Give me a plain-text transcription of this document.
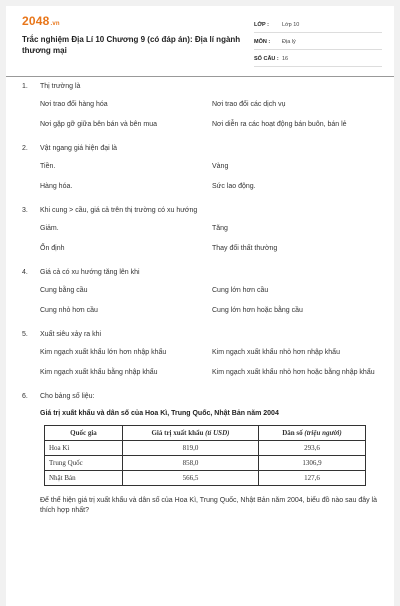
2048.vn
Trắc nghiệm Địa Lí 10 Chương 9 (có đáp án): Địa lí ngành thương mại
LỚP :	Lớp 10
MÔN :	Địa lý
SỐ CÂU : 16
1. Thị trường là
Nơi trao đổi hàng hóa	Nơi trao đổi các dịch vụ
Nơi gặp gỡ giữa bên bán và bên mua	Nơi diễn ra các hoạt động bán buôn, bán lẻ
2. Vật ngang giá hiện đại là
Tiền.	Vàng
Hàng hóa.	Sức lao động.
3. Khi cung > cầu, giá cả trên thị trường có xu hướng
Giảm.	Tăng
Ổn định	Thay đổi thất thường
4. Giá cả có xu hướng tăng lên khi
Cung bằng cầu	Cung lớn hơn cầu
Cung nhỏ hơn cầu	Cung lớn hơn hoặc bằng cầu
5. Xuất siêu xảy ra khi
Kim ngạch xuất khẩu lớn hơn nhập khẩu	Kim ngạch xuất khẩu nhỏ hơn nhập khẩu
Kim ngạch xuất khẩu bằng nhập khẩu	Kim ngạch xuất khẩu nhỏ hơn hoặc bằng nhập khẩu
6. Cho bảng số liệu:
Giá trị xuất khẩu và dân số của Hoa Kì, Trung Quốc, Nhật Bản năm 2004
Quốc gia	Giá trị xuất khẩu (tỉ USD)	Dân số (triệu người)
Hoa Kì	819,0	293,6
Trung Quốc	858,0	1306,9
Nhật Bản	566,5	127,6
Để thể hiện giá trị xuất khẩu và dân số của Hoa Kì, Trung Quốc, Nhật Bản năm 2004, biểu đồ nào sau đây là thích hợp nhất?
